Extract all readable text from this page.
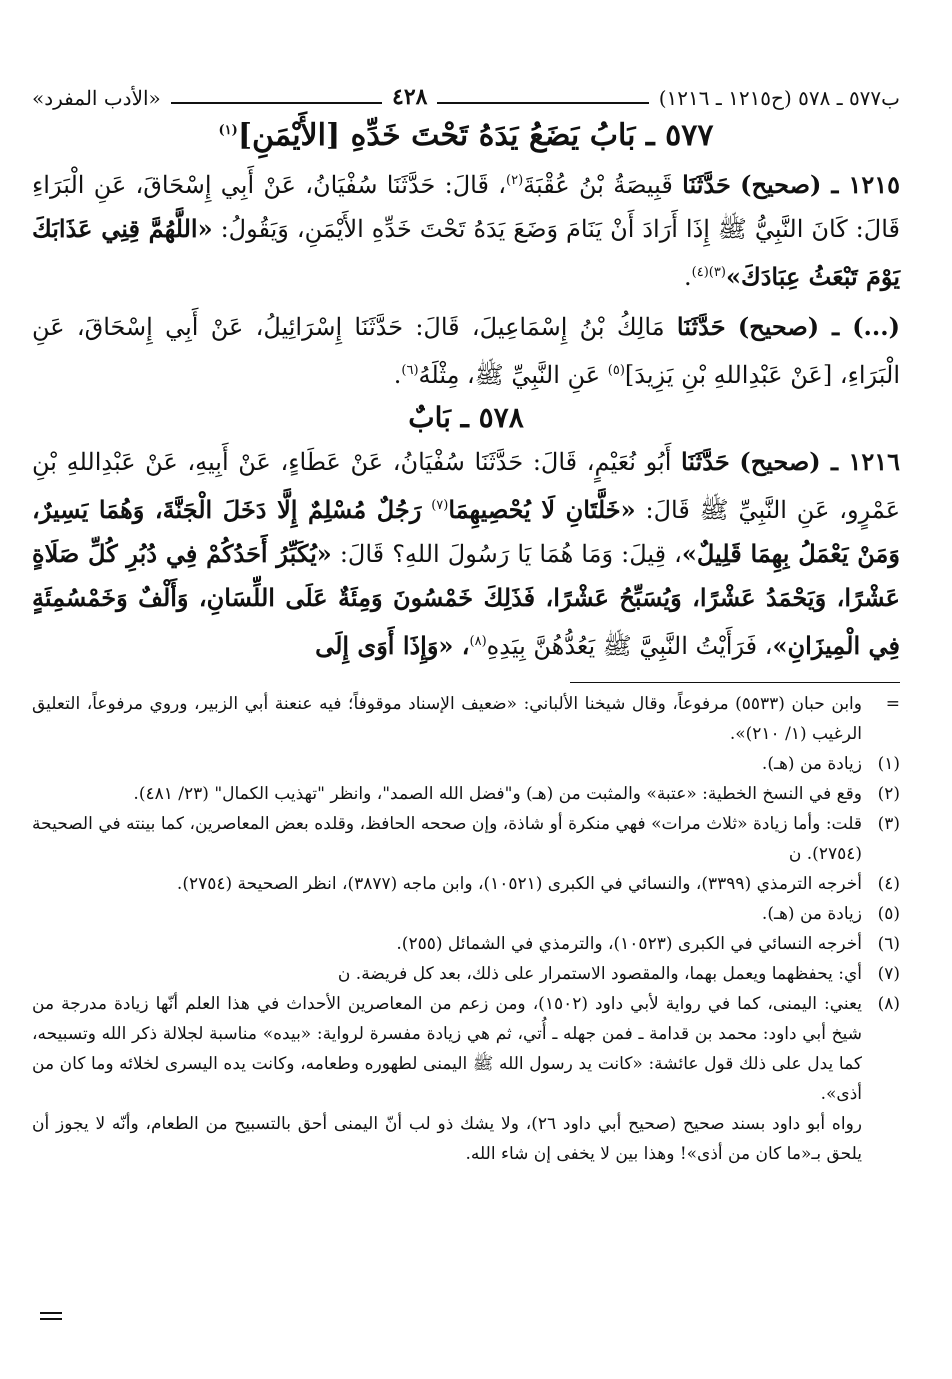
ب٥٧٧ ـ ٥٧٨ (ح١٢١٥ ـ ١٢١٦)
٤٢٨
«الأدب المفرد»
٥٧٧ ـ بَابُ يَضَعُ يَدَهُ تَحْتَ خَدِّهِ [الأَيْمَنِ]$^{(١)}$
١٢١٥ ـ (صحيح) حَدَّثَنَا قَبِيصَةُ بْنُ عُقْبَةَ$^{(٢)}$، قَالَ: حَدَّثَنَا سُفْيَانُ، عَنْ أَبِي إِسْحَاقَ، عَنِ الْبَرَاءِ قَالَ: كَانَ النَّبِيُّ ﷺ إِذَا أَرَادَ أَنْ يَنَامَ وَضَعَ يَدَهُ تَحْتَ خَدِّهِ الأَيْمَنِ، وَيَقُولُ: «اللَّهُمَّ قِنِي عَذَابَكَ يَوْمَ تَبْعَثُ عِبَادَكَ»$^{(٣)(٤)}$.
(...) ـ (صحيح) حَدَّثَنَا مَالِكُ بْنُ إِسْمَاعِيلَ، قَالَ: حَدَّثَنَا إِسْرَائِيلُ، عَنْ أَبِي إِسْحَاقَ، عَنِ الْبَرَاءِ، [عَنْ عَبْدِاللهِ بْنِ يَزِيدَ]$^{(٥)}$ عَنِ النَّبِيِّ ﷺ، مِثْلَهُ$^{(٦)}$.
٥٧٨ ـ بَابٌ
١٢١٦ ـ (صحيح) حَدَّثَنَا أَبُو نُعَيْمٍ، قَالَ: حَدَّثَنَا سُفْيَانُ، عَنْ عَطَاءٍ، عَنْ أَبِيهِ، عَنْ عَبْدِاللهِ بْنِ عَمْرٍو، عَنِ النَّبِيِّ ﷺ قَالَ: «خَلَّتَانِ لَا يُحْصِيهِمَا$^{(٧)}$ رَجُلٌ مُسْلِمٌ إِلَّا دَخَلَ الْجَنَّةَ، وَهُمَا يَسِيرٌ، وَمَنْ يَعْمَلُ بِهِمَا قَلِيلٌ»، قِيلَ: وَمَا هُمَا يَا رَسُولَ اللهِ؟ قَالَ: «يُكَبِّرُ أَحَدُكُمْ فِي دُبُرِ كُلِّ صَلَاةٍ عَشْرًا، وَيَحْمَدُ عَشْرًا، وَيُسَبِّحُ عَشْرًا، فَذَلِكَ خَمْسُونَ وَمِئَةٌ عَلَى اللِّسَانِ، وَأَلْفٌ وَخَمْسُمِئَةٍ فِي الْمِيزَانِ»، فَرَأَيْتُ النَّبِيَّ ﷺ يَعُدُّهُنَّ بِيَدِهِ$^{(٨)}$، «وَإِذَا أَوَى إِلَى
=
وابن حبان (٥٥٣٣) مرفوعاً، وقال شيخنا الألباني: «ضعيف الإسناد موقوفاً؛ فيه عنعنة أبي الزبير، وروي مرفوعاً، التعليق الرغيب (١/ ٢١٠)».
(١)
زيادة من (هـ).
(٢)
وقع في النسخ الخطية: «عتبة» والمثبت من (هـ) و"فضل الله الصمد"، وانظر "تهذيب الكمال" (٢٣/ ٤٨١).
(٣)
قلت: وأما زيادة «ثلاث مرات» فهي منكرة أو شاذة، وإن صححه الحافظ، وقلده بعض المعاصرين، كما بينته في الصحيحة (٢٧٥٤). ن
(٤)
أخرجه الترمذي (٣٣٩٩)، والنسائي في الكبرى (١٠٥٢١)، وابن ماجه (٣٨٧٧)، انظر الصحيحة (٢٧٥٤).
(٥)
زيادة من (هـ).
(٦)
أخرجه النسائي في الكبرى (١٠٥٢٣)، والترمذي في الشمائل (٢٥٥).
(٧)
أي: يحفظهما ويعمل بهما، والمقصود الاستمرار على ذلك، بعد كل فريضة. ن
(٨)
يعني: اليمنى، كما في رواية لأبي داود (١٥٠٢)، ومن زعم من المعاصرين الأحداث في هذا العلم أنّها زيادة مدرجة من شيخ أبي داود: محمد بن قدامة ـ فمن جهله ـ أُتي، ثم هي زيادة مفسرة لرواية: «بيده» مناسبة لجلالة ذكر الله وتسبيحه، كما يدل على ذلك قول عائشة: «كانت يد رسول الله ﷺ اليمنى لطهوره وطعامه، وكانت يده اليسرى لخلائه وما كان من أذى».
رواه أبو داود بسند صحيح (صحيح أبي داود ٢٦)، ولا يشك ذو لب أنّ اليمنى أحق بالتسبيح من الطعام، وأنّه لا يجوز أن يلحق بـ«ما كان من أذى»! وهذا بين لا يخفى إن شاء الله.
